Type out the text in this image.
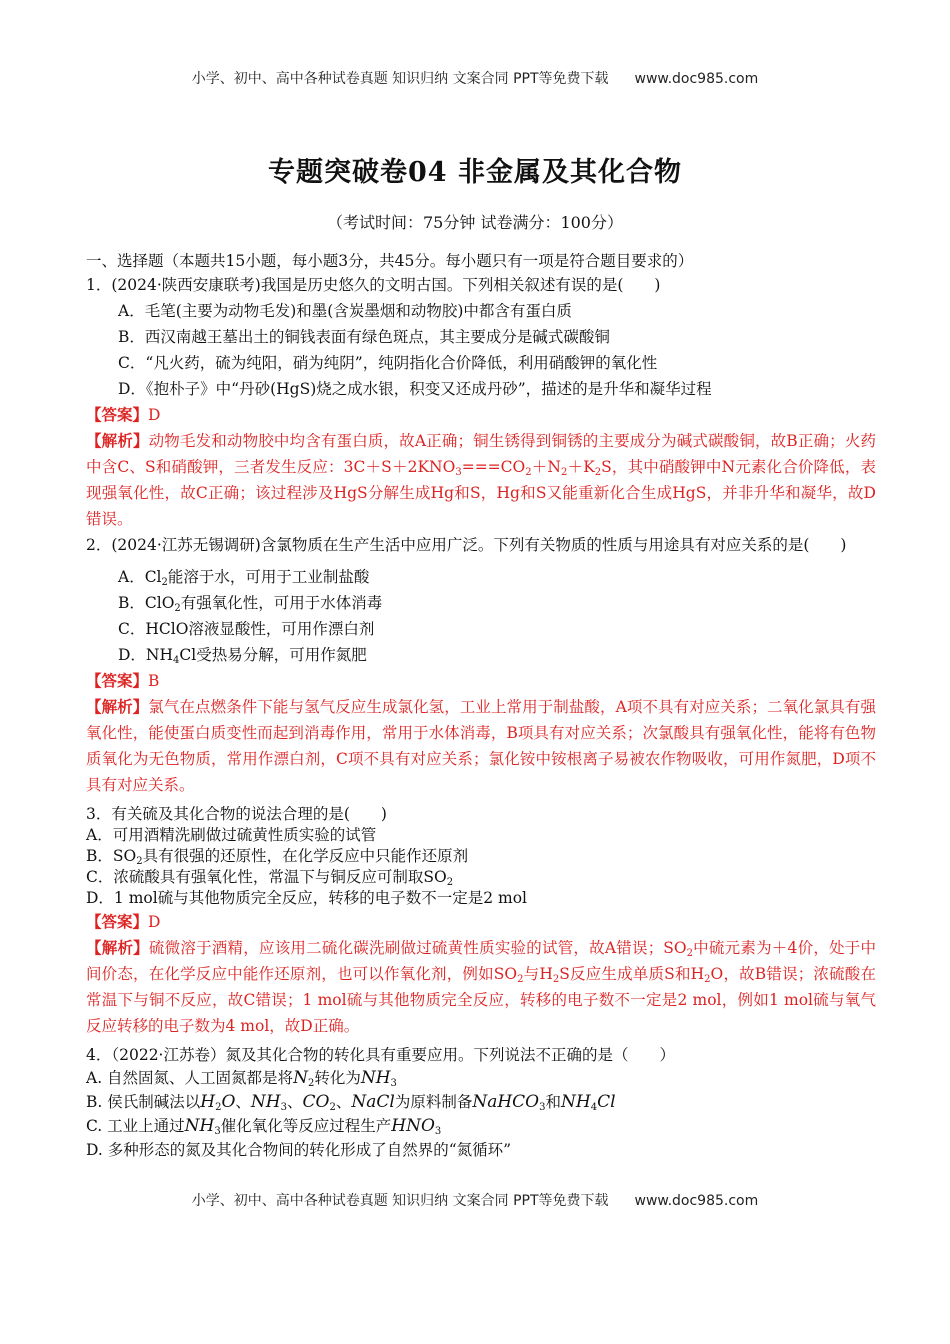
小学、初中、高中各种试卷真题 知识归纳 文案合同 PPT等免费下载 www.doc985.com
专题突破卷04 非金属及其化合物
（考试时间：75分钟 试卷满分：100分）
一、选择题（本题共15小题，每小题3分，共45分。每小题只有一项是符合题目要求的）
1．(2024·陕西安康联考)我国是历史悠久的文明古国。下列相关叙述有误的是(　　)
A．毛笔(主要为动物毛发)和墨(含炭墨烟和动物胶)中都含有蛋白质
B．西汉南越王墓出土的铜钱表面有绿色斑点，其主要成分是碱式碳酸铜
C．“凡火药，硫为纯阳，硝为纯阴”，纯阴指化合价降低，利用硝酸钾的氧化性
D．《抱朴子》中“丹砂(HgS)烧之成水银，积变又还成丹砂”，描述的是升华和凝华过程
【答案】D
【解析】动物毛发和动物胶中均含有蛋白质，故A正确；铜生锈得到铜锈的主要成分为碱式碳酸铜，故B正确；火药中含C、S和硝酸钾，三者发生反应：$3C+S+2KNO_3===CO_2+N_2+K_2S$，其中硝酸钾中N元素化合价降低，表现强氧化性，故C正确；该过程涉及HgS分解生成Hg和S，Hg和S又能重新化合生成HgS，并非升华和凝华，故D错误。
2．(2024·江苏无锡调研)含氯物质在生产生活中应用广泛。下列有关物质的性质与用途具有对应关系的是(　　)
A．$Cl_2$能溶于水，可用于工业制盐酸
B．ClO$_2$有强氧化性，可用于水体消毒
C．HClO溶液显酸性，可用作漂白剂
D．$NH_4Cl$受热易分解，可用作氮肥
【答案】B
【解析】氯气在点燃条件下能与氢气反应生成氯化氢，工业上常用于制盐酸，A项不具有对应关系；二氧化氯具有强氧化性，能使蛋白质变性而起到消毒作用，常用于水体消毒，B项具有对应关系；次氯酸具有强氧化性，能将有色物质氧化为无色物质，常用作漂白剂，C项不具有对应关系；氯化铵中铵根离子易被农作物吸收，可用作氮肥，D项不具有对应关系。
3．有关硫及其化合物的说法合理的是(　　)
A．可用酒精洗刷做过硫黄性质实验的试管
B．$SO_2$具有很强的还原性，在化学反应中只能作还原剂
C．浓硫酸具有强氧化性，常温下与铜反应可制取$SO_2$
D．1 mol硫与其他物质完全反应，转移的电子数不一定是2 mol
【答案】D
【解析】硫微溶于酒精，应该用二硫化碳洗刷做过硫黄性质实验的试管，故A错误；$SO_2$中硫元素为＋4价，处于中间价态，在化学反应中能作还原剂，也可以作氧化剂，例如$SO_2$与$H_2S$反应生成单质S和$H_2O$，故B错误；浓硫酸在常温下与铜不反应，故C错误；1 mol硫与其他物质完全反应，转移的电子数不一定是2 mol，例如1 mol硫与氧气反应转移的电子数为4 mol，故D正确。
4．（2022·江苏卷）氮及其化合物的转化具有重要应用。下列说法不正确的是（　　）
A. 自然固氮、人工固氮都是将$N_2$转化为$NH_3$
B. 侯氏制碱法以$H_2O$、$NH_3$、$CO_2$、NaCl为原料制备NaHCO$_3$和$NH_4Cl$
C. 工业上通过$NH_3$催化氧化等反应过程生产$HNO_3$
D. 多种形态的氮及其化合物间的转化形成了自然界的“氮循环”
小学、初中、高中各种试卷真题 知识归纳 文案合同 PPT等免费下载 www.doc985.com
